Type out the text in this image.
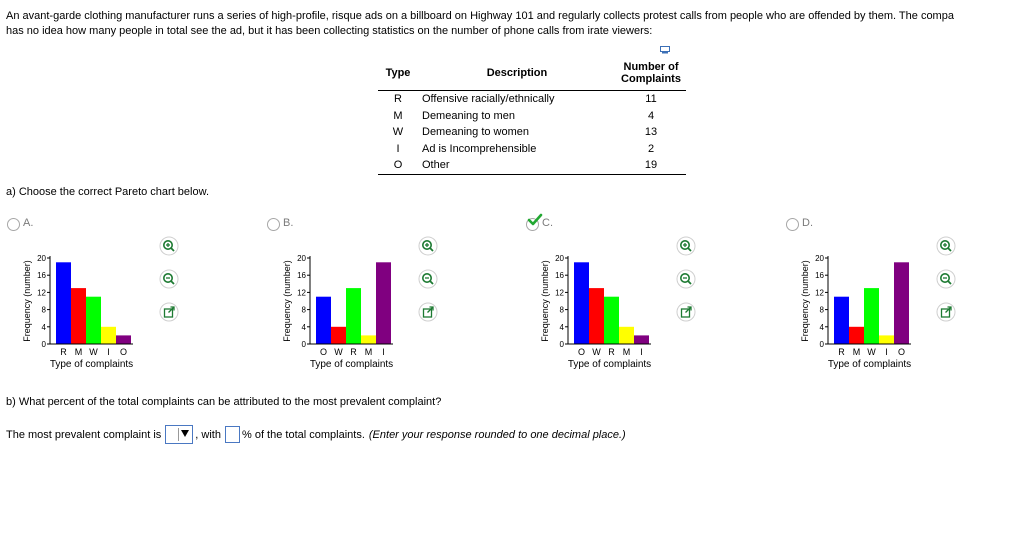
An avant-garde clothing manufacturer runs a series of high-profile, risque ads on a billboard on Highway 101 and regularly collects protest calls from people who are offended by them. The compa
has no idea how many people in total see the ad, but it has been collecting statistics on the number of phone calls from irate viewers:
Type	Description	Number of
Complaints
R	Offensive racially/ethnically	11
M	Demeaning to men	4
W	Demeaning to women	13
I	Ad is Incomprehensible	2
O	Other	19
a) Choose the correct Pareto chart below.
A.
0
4
8
12
16
20
R M W I O
Type of complaints
Frequency (number)

B.
0
4
8
12
16
20
O W R M I
Type of complaints
Frequency (number)

C.
0
4
8
12
16
20
O W R M I
Type of complaints
Frequency (number)

D.
0
4
8
12
16
20
R M W I O
Type of complaints
Frequency (number)

b) What percent of the total complaints can be attributed to the most prevalent complaint?
The most prevalent complaint is	, with % of the total complaints. (Enter your response rounded to one decimal place.)
